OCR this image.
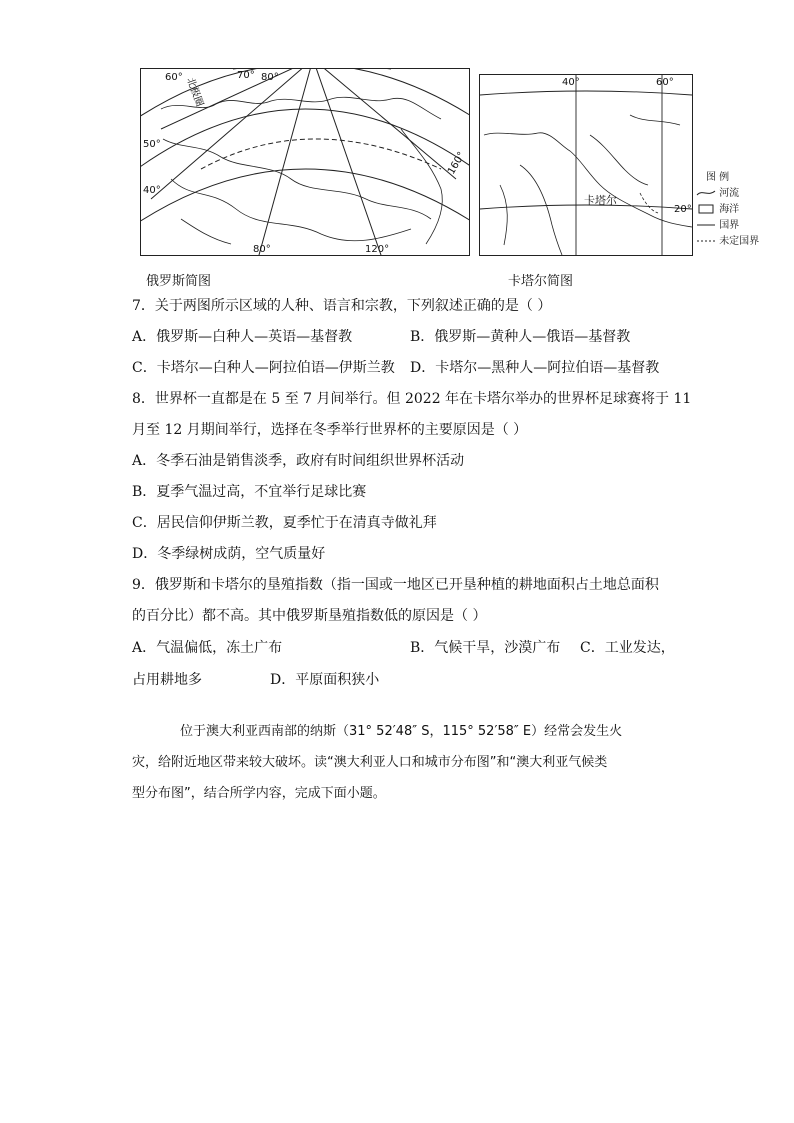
60°	70° 80°
50°
40°
80°	120°
160°
北极圈
俄罗斯简图
40°	60°
20°
卡塔尔
卡塔尔简图
图 例
河流
海洋
国界
未定国界
7．关于两图所示区域的人种、语言和宗教，下列叙述正确的是（ ）
A．俄罗斯—白种人—英语—基督教	B．俄罗斯—黄种人—俄语—基督教
C．卡塔尔—白种人—阿拉伯语—伊斯兰教 D．卡塔尔—黑种人—阿拉伯语—基督教
8．世界杯一直都是在 5 至 7 月间举行。但 2022 年在卡塔尔举办的世界杯足球赛将于 11
月至 12 月期间举行，选择在冬季举行世界杯的主要原因是（ ）
A．冬季石油是销售淡季，政府有时间组织世界杯活动
B．夏季气温过高，不宜举行足球比赛
C．居民信仰伊斯兰教，夏季忙于在清真寺做礼拜
D．冬季绿树成荫，空气质量好
9．俄罗斯和卡塔尔的垦殖指数（指一国或一地区已开垦种植的耕地面积占土地总面积
的百分比）都不高。其中俄罗斯垦殖指数低的原因是（ ）
A．气温偏低，冻土广布	B．气候干旱，沙漠广布 C．工业发达，
占用耕地多	D．平原面积狭小
位于澳大利亚西南部的纳斯（31° 52′48″ S，115° 52′58″ E）经常会发生火
灾，给附近地区带来较大破坏。读“澳大利亚人口和城市分布图”和“澳大利亚气候类
型分布图”，结合所学内容，完成下面小题。
